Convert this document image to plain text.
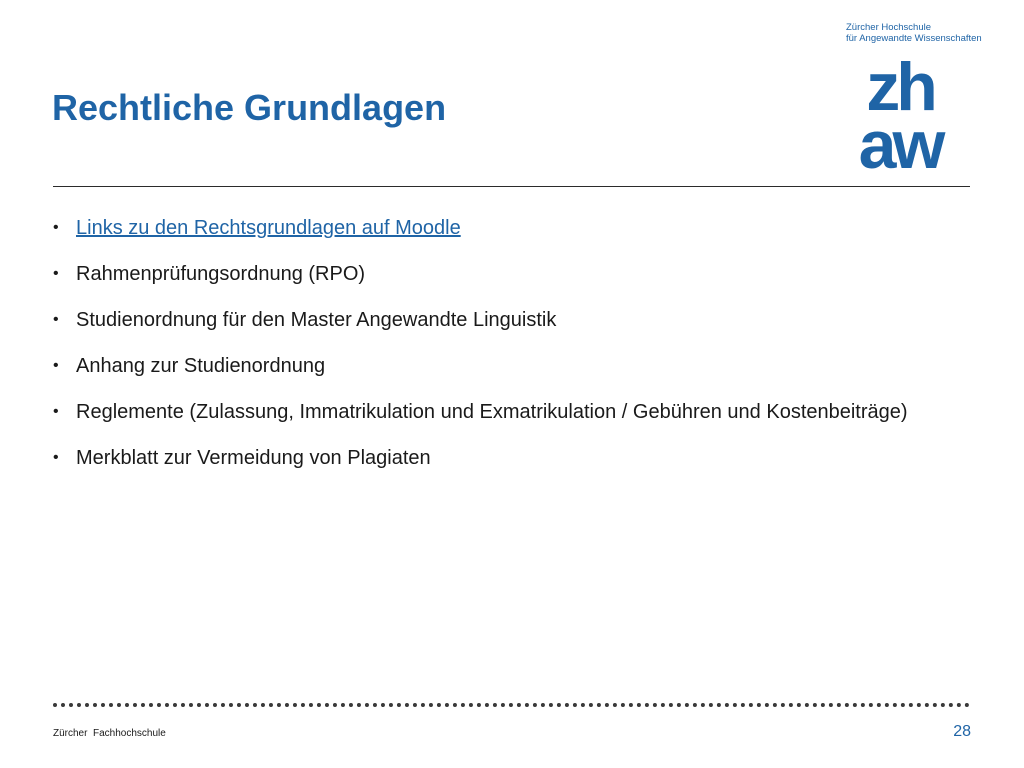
Rechtliche Grundlagen
Zürcher Hochschule
für Angewandte Wissenschaften
zh
aw
• Links zu den Rechtsgrundlagen auf Moodle
• Rahmenprüfungsordnung (RPO)
• Studienordnung für den Master Angewandte Linguistik
• Anhang zur Studienordnung
• Reglemente (Zulassung, Immatrikulation und Exmatrikulation / Gebühren und Kostenbeiträge)
• Merkblatt zur Vermeidung von Plagiaten
Zürcher  Fachhochschule	28
